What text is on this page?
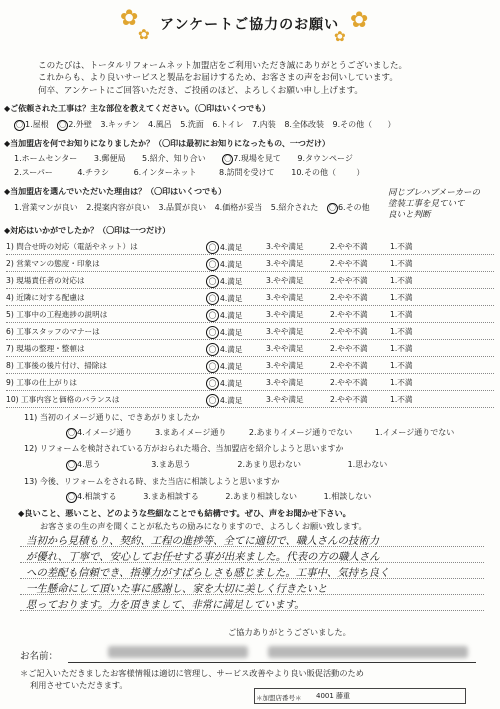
✿
✿
アンケートご協力のお願い ✿
✿
このたびは、トータルリフォームネット加盟店をご利用いただき誠にありがとうございました。
これからも、より良いサービスと製品をお届けするため、お客さまの声をお伺いしています。
何卒、アンケートにご回答いただき、ご投函のほど、よろしくお願い申し上げます。
◆ご依頼された工事は？主な部位を教えてください。（〇印はいくつでも）
〇 1.屋根 〇 2.外壁 3.キッチン 4.風呂 5.洗面 6.トイレ 7.内装 8.全体改装 9.その他（ ）
◆当加盟店を何でお知りになりましたか？（〇印は最初にお知りになったもの、一つだけ）
1.ホームセンター 3.郵便局 5.紹介、知り合い	〇 7.現場を見て 9.タウンページ
2.スーパー	4.チラシ	6.インターネット	8.訪問を受けて 10.その他（	）
◆当加盟店を選んでいただいた理由は？（〇印はいくつでも）
1.営業マンが良い 2.提案内容が良い 3.品質が良い 4.価格が妥当 5.紹介された 〇 6.その他
同じプレハブメーカーの
塗装工事を見ていて
良いと判断
◆対応はいかがでしたか？（〇印は一つだけ）
1) 問合せ時の対応（電話やネット）は	〇 4.満足	3.やや満足	2.やや不満	1.不満
2) 営業マンの態度・印象は	〇 4.満足	3.やや満足	2.やや不満	1.不満
3) 現場責任者の対応は	〇 4.満足	3.やや満足	2.やや不満	1.不満
4) 近隣に対する配慮は	〇 4.満足	3.やや満足	2.やや不満	1.不満
5) 工事中の工程進捗の説明は	〇 4.満足	3.やや満足	2.やや不満	1.不満
6) 工事スタッフのマナーは	〇 4.満足	3.やや満足	2.やや不満	1.不満
7) 現場の整理・整頓は	〇 4.満足	3.やや満足	2.やや不満	1.不満
8) 工事後の後片付け、掃除は	〇 4.満足	3.やや満足	2.やや不満	1.不満
9) 工事の仕上がりは	〇 4.満足	3.やや満足	2.やや不満	1.不満
10) 工事内容と価格のバランスは	〇 4.満足	3.やや満足	2.やや不満	1.不満
11) 当初のイメージ通りに、できあがりましたか
〇 4.イメージ通り	3.まあイメージ通り	2.あまりイメージ通りでない	1.イメージ通りでない
12) リフォームを検討されている方がおられた場合、当加盟店を紹介しようと思いますか
〇 4.思う	3.まあ思う	2.あまり思わない	1.思わない
13) 今後、リフォームをされる時、また当店に相談しようと思いますか
〇 4.相談する	3.まあ相談する	2.あまり相談しない	1.相談しない
◆良いこと、悪いこと、どのような些細なことでも結構です。ぜひ、声をお聞かせ下さい。
お客さまの生の声を聞くことが私たちの励みになりますので、よろしくお願い致します。
当初から見積もり、契約、工程の進捗等、全てに適切で、職人さんの技術力
が優れ、丁寧で、安心してお任せする事が出来ました。代表の方の職人さん
への差配も信頼でき、指導力がすばらしさも感じました。工事中、気持ち良く
一生懸命にして頂いた事に感謝し、家を大切に美しく行きたいと
思っております。力を頂きまして、非常に満足しています。
ご協力ありがとうございました。
お名前：
＊ご記入いただきましたお客様情報は適切に管理し、サービス改善やより良い販促活動のため
利用させていただきます。
＊加盟店番号＊ 4001 藤重
